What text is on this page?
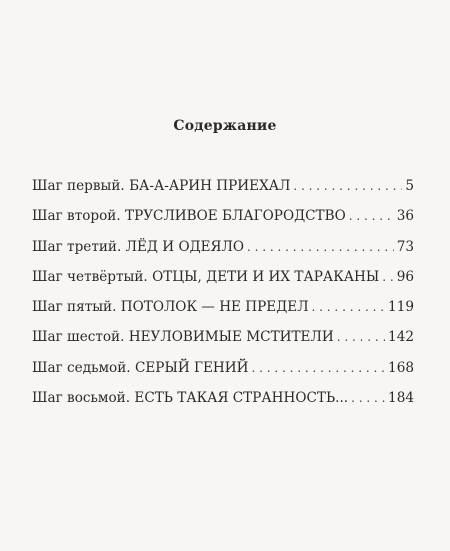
Содержание
Шаг первый. БА-А-АРИН ПРИЕХАЛ . . .	5
Шаг второй. ТРУСЛИВОЕ БЛАГОРОДСТВО . . .	36
Шаг третий. ЛЁД И ОДЕЯЛО . . .	73
Шаг четвёртый. ОТЦЫ, ДЕТИ И ИХ ТАРАКАНЫ . . . 96
Шаг пятый. ПОТОЛОК — НЕ ПРЕДЕЛ . . .	119
Шаг шестой. НЕУЛОВИМЫЕ МСТИТЕЛИ . . .	142
Шаг седьмой. СЕРЫЙ ГЕНИЙ . . .	168
Шаг восьмой. ЕСТЬ ТАКАЯ СТРАННОСТЬ... . . .	184
